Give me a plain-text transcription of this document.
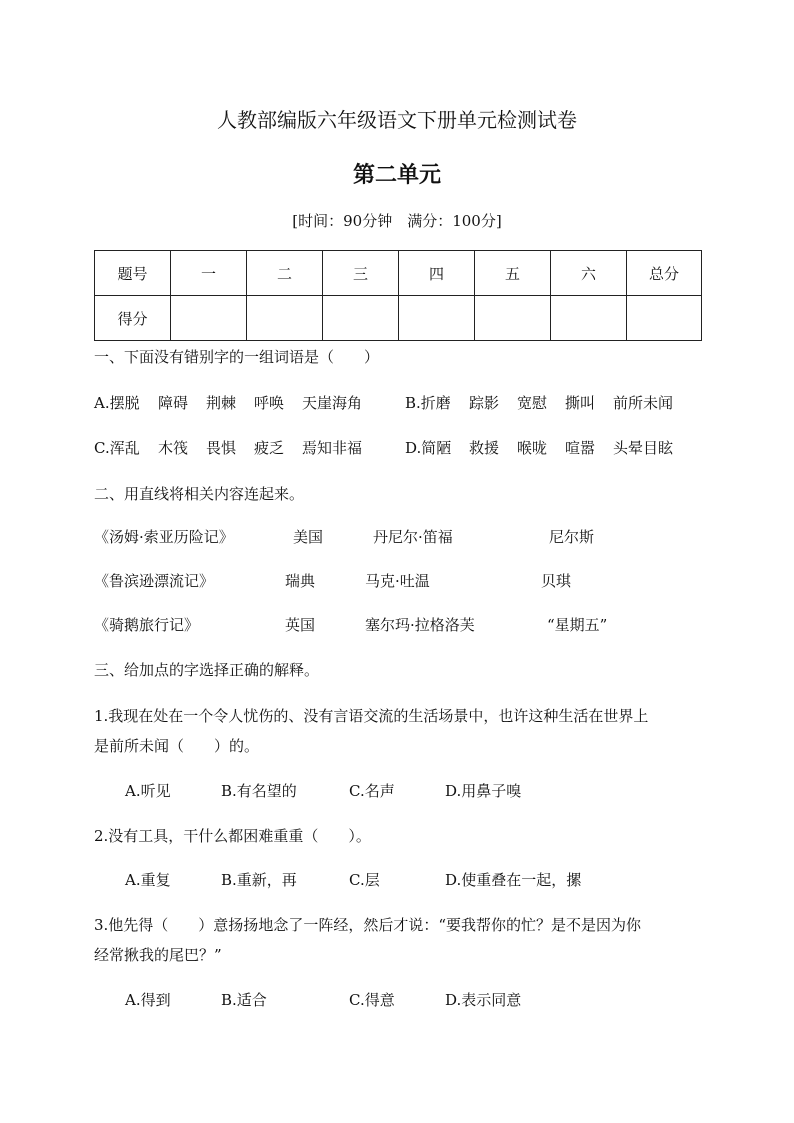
人教部编版六年级语文下册单元检测试卷
第二单元
[时间：90分钟　满分：100分]
题号	一	二	三	四	五	六	总分
得分							
一、下面没有错别字的一组词语是（　　）
A.摆脱 障碍 荆棘 呼唤 天崖海角	B.折磨 踪影 宽慰 撕叫 前所未闻
C.浑乱 木筏 畏惧 疲乏 焉知非福	D.简陋 救援 喉咙 喧嚣 头晕目眩
二、用直线将相关内容连起来。
《汤姆·索亚历险记》	美国	丹尼尔·笛福	尼尔斯
《鲁滨逊漂流记》	瑞典	马克·吐温	贝琪
《骑鹅旅行记》	英国	塞尔玛·拉格洛芙	“星期五”
三、给加点的字选择正确的解释。
1.我现在处在一个令人忧伤的、没有言语交流的生活场景中，也许这种生活在世界上
是前所未闻（　　）的。
A.听见	B.有名望的	C.名声	D.用鼻子嗅
2.没有工具，干什么都困难重重（　　）。
A.重复	B.重新，再	C.层	D.使重叠在一起，摞
3.他先得（　　）意扬扬地念了一阵经，然后才说：“要我帮你的忙？是不是因为你
经常揪我的尾巴？”
A.得到	B.适合	C.得意	D.表示同意
